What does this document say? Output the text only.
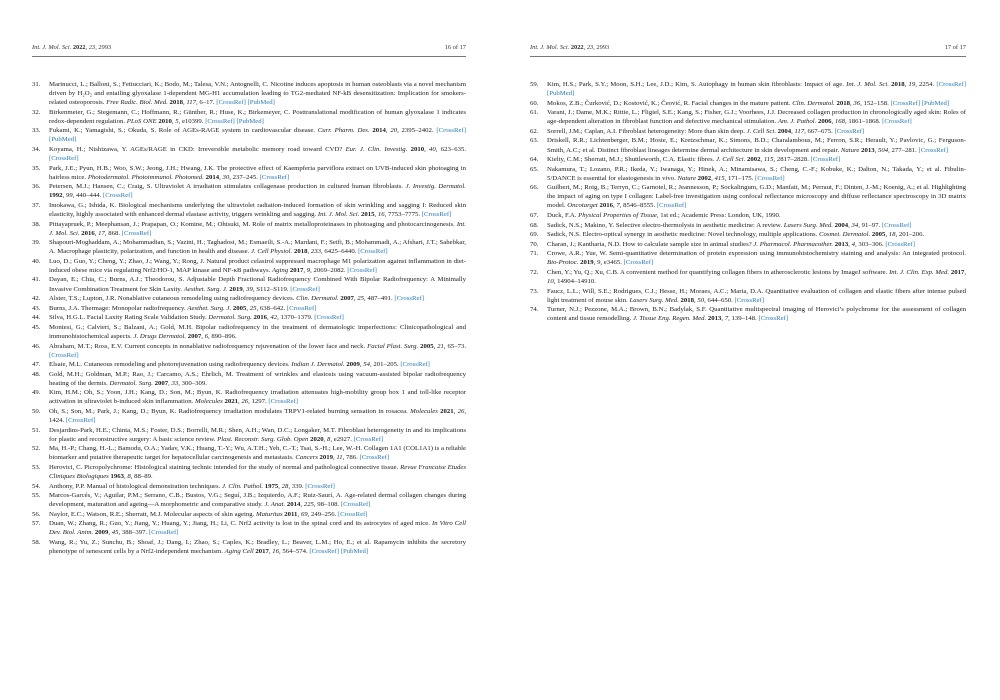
Int. J. Mol. Sci. 2022, 23, 2993	16 of 17
31. Marinucci, L.; Balloni, S.; Fettucciari, K.; Bodo, M.; Talesa, V.N.; Antognelli, C. Nicotine induces apoptosis in human osteoblasts via a novel mechanism driven by H₂O₂ and entailing glyoxalase 1-dependent MG-H1 accumulation leading to TG2-mediated NF-kB desensitization: Implication for smokers-related osteoporosis. Free Radic. Biol. Med. 2018, 117, 6–17. [CrossRef] [PubMed]
32. Birkenmeier, G.; Stegemann, C.; Hoffmann, R.; Günther, R.; Huse, K.; Birkemeyer, C. Posttranslational modification of human glyoxalase 1 indicates redox-dependent regulation. PLoS ONE 2010, 5, e10399. [CrossRef] [PubMed]
33. Fukami, K.; Yamagishi, S.; Okuda, S. Role of AGEs-RAGE system in cardiovascular disease. Curr. Pharm. Des. 2014, 20, 2395–2402. [CrossRef] [PubMed]
34. Koyama, H.; Nishizawa, Y. AGEs/RAGE in CKD: Irreversible metabolic memory road toward CVD? Eur. J. Clin. Investig. 2010, 40, 623–635. [CrossRef]
35. Park, J.E.; Pyun, H.B.; Woo, S.W.; Jeong, J.H.; Hwang, J.K. The protective effect of Kaempferia parviflora extract on UVB-induced skin photoaging in hairless mice. Photodermatol. Photoimmunol. Photomed. 2014, 30, 237–245. [CrossRef]
36. Petersen, M.J.; Hansen, C.; Craig, S. Ultraviolet A irradiation stimulates collagenase production in cultured human fibroblasts. J. Investig. Dermatol. 1992, 99, 440–444. [CrossRef]
37. Imokawa, G.; Ishida, K. Biological mechanisms underlying the ultraviolet radiation-induced formation of skin wrinkling and sagging I: Reduced skin elasticity, highly associated with enhanced dermal elastase activity, triggers wrinkling and sagging. Int. J. Mol. Sci. 2015, 16, 7753–7775. [CrossRef]
38. Pittayapruek, P.; Meephansan, J.; Prapapan, O.; Komine, M.; Ohtsuki, M. Role of matrix metalloproteinases in photoaging and photocarcinogenesis. Int. J. Mol. Sci. 2016, 17, 868. [CrossRef]
39. Shapouri-Moghaddam, A.; Mohammadian, S.; Vazini, H.; Taghadosi, M.; Esmaeili, S.-A.; Mardani, F.; Seifi, B.; Mohammadi, A.; Afshari, J.T.; Sahebkar, A. Macrophage plasticity, polarization, and function in health and disease. J. Cell Physiol. 2018, 233, 6425–6440. [CrossRef]
40. Luo, D.; Guo, Y.; Cheng, Y.; Zhao, J.; Wang, Y.; Rong, J. Natural product celastrol suppressed macrophage M1 polarization against inflammation in diet-induced obese mice via regulating Nrf2/HO-1, MAP kinase and NF-κB pathways. Aging 2017, 9, 2069–2082. [CrossRef]
41. Dayan, E.; Chia, C.; Burns, A.J.; Theodorou, S. Adjustable Depth Fractional Radiofrequency Combined With Bipolar Radiofrequency: A Minimally Invasive Combination Treatment for Skin Laxity. Aesthet. Surg. J. 2019, 39, S112–S119. [CrossRef]
42. Alster, T.S.; Lupton, J.R. Nonablative cutaneous remodeling using radiofrequency devices. Clin. Dermatol. 2007, 25, 487–491. [CrossRef]
43. Burns, J.A. Thermage: Monopolar radiofrequency. Aesthet. Surg. J. 2005, 25, 638–642. [CrossRef]
44. Silva, H.G.L. Facial Laxity Rating Scale Validation Study. Dermatol. Surg. 2016, 42, 1370–1379. [CrossRef]
45. Montesi, G.; Calvieri, S.; Balzani, A.; Gold, M.H. Bipolar radiofrequency in the treatment of dermatologic imperfections: Clinicopathological and immunohistochemical aspects. J. Drugs Dermatol. 2007, 6, 890–896.
46. Abraham, M.T.; Ross, E.V. Current concepts in nonablative radiofrequency rejuvenation of the lower face and neck. Facial Plast. Surg. 2005, 21, 65–73. [CrossRef]
47. Elsaie, M.L. Cutaneous remodeling and photorejuvenation using radiofrequency devices. Indian J. Dermatol. 2009, 54, 201–205. [CrossRef]
48. Gold, M.H.; Goldman, M.P.; Rao, J.; Carcamo, A.S.; Ehrlich, M. Treatment of wrinkles and elastosis using vacuum-assisted bipolar radiofrequency heating of the dermis. Dermatol. Surg. 2007, 33, 300–309.
49. Kim, H.M.; Oh, S.; Yoon, J.H.; Kang, D.; Son, M.; Byun, K. Radiofrequency irradiation attenuates high-mobility group box 1 and toll-like receptor activation in ultraviolet b-induced skin inflammation. Molecules 2021, 26, 1297. [CrossRef]
50. Oh, S.; Son, M.; Park, J.; Kang, D.; Byun, K. Radiofrequency irradiation modulates TRPV1-related burning sensation in rosacea. Molecules 2021, 26, 1424. [CrossRef]
51. Desjardins-Park, H.E.; Chinta, M.S.; Foster, D.S.; Borrelli, M.R.; Shen, A.H.; Wan, D.C.; Longaker, M.T. Fibroblast heterogeneity in and its implications for plastic and reconstructive surgery: A basic science review. Plast. Reconstr. Surg. Glob. Open 2020, 8, e2927. [CrossRef]
52. Ma, H.-P.; Chang, H.-L.; Bamodu, O.A.; Yadav, V.K.; Huang, T.-Y.; Wu, A.T.H.; Yeh, C.-T.; Tsai, S.-H.; Lee, W.-H. Collagen 1A1 (COL1A1) is a reliable biomarker and putative therapeutic target for hepatocellular carcinogenesis and metastasis. Cancers 2019, 11, 786. [CrossRef]
53. Herovici, C. Picropolychrome: Histological staining technic intended for the study of normal and pathological connective tissue. Revue Francaise Etudes Cliniques Biologiques 1963, 8, 88–89.
54. Anthony, P.P. Manual of histological demonstration techniques. J. Clin. Pathol. 1975, 28, 339. [CrossRef]
55. Marcos-Garcés, V.; Aguilar, P.M.; Serrano, C.B.; Bustos, V.G.; Seguí, J.B.; Izquierdo, A.F.; Ruiz-Saurí, A. Age-related dermal collagen changes during development, maturation and ageing—A morphometric and comparative study. J. Anat. 2014, 225, 98–108. [CrossRef]
56. Naylor, E.C.; Watson, R.E.; Sherratt, M.J. Molecular aspects of skin ageing. Maturitas 2011, 69, 249–256. [CrossRef]
57. Duan, W.; Zhang, R.; Guo, Y.; Jiang, Y.; Huang, Y.; Jiang, H.; Li, C. Nrf2 activity is lost in the spinal cord and its astrocytes of aged mice. In Vitro Cell Dev. Biol. Anim. 2009, 45, 388–397. [CrossRef]
58. Wang, R.; Yu, Z.; Sunchu, B.; Shoaf, J.; Dang, I.; Zhao, S.; Caples, K.; Bradley, L.; Beaver, L.M.; Ho, E.; et al. Rapamycin inhibits the secretory phenotype of senescent cells by a Nrf2-independent mechanism. Aging Cell 2017, 16, 564–574. [CrossRef] [PubMed]
Int. J. Mol. Sci. 2022, 23, 2993	17 of 17
59. Kim, H.S.; Park, S.Y.; Moon, S.H.; Lee, J.D.; Kim, S. Autophagy in human skin fibroblasts: Impact of age. Int. J. Mol. Sci. 2018, 19, 2254. [CrossRef] [PubMed]
60. Mokos, Z.B.; Čurković, D.; Kostović, K.; Čeović, R. Facial changes in the mature patient. Clin. Dermatol. 2018, 36, 152–158. [CrossRef] [PubMed]
61. Varani, J.; Dame, M.K.; Rittie, L.; Fligiel, S.E.; Kang, S.; Fisher, G.J.; Voorhees, J.J. Decreased collagen production in chronologically aged skin: Roles of age-dependent alteration in fibroblast function and defective mechanical stimulation. Am. J. Pathol. 2006, 168, 1861–1868. [CrossRef]
62. Sorrell, J.M.; Caplan, A.I. Fibroblast heterogeneity: More than skin deep. J. Cell Sci. 2004, 117, 667–675. [CrossRef]
63. Driskell, R.R.; Lichtenberger, B.M.; Hoste, E.; Kretzschmar, K.; Simons, B.D.; Charalambous, M.; Ferron, S.R.; Herault, Y.; Pavlovic, G.; Ferguson-Smith, A.C.; et al. Distinct fibroblast lineages determine dermal architecture in skin development and repair. Nature 2013, 504, 277–281. [CrossRef]
64. Kielty, C.M.; Sherratt, M.J.; Shuttleworth, C.A. Elastic fibres. J. Cell Sci. 2002, 115, 2817–2828. [CrossRef]
65. Nakamura, T.; Lozano, P.R.; Ikeda, Y.; Iwanaga, Y.; Hinek, A.; Minamisawa, S.; Cheng, C.-F.; Kobuke, K.; Dalton, N.; Takada, Y.; et al. Fibulin-5/DANCE is essential for elastogenesis in vivo. Nature 2002, 415, 171–175. [CrossRef]
66. Guilbert, M.; Roig, B.; Terryn, C.; Garnotel, R.; Jeannesson, P.; Sockalingum, G.D.; Manfait, M.; Perraut, F.; Dinten, J.-M.; Koenig, A.; et al. Highlighting the impact of aging on type I collagen: Label-free investigation using confocal reflectance microscopy and diffuse reflectance spectroscopy in 3D matrix model. Oncotarget 2016, 7, 8546–8555. [CrossRef]
67. Duck, F.A. Physical Properties of Tissue, 1st ed.; Academic Press: London, UK, 1990.
68. Sadick, N.S.; Makino, Y. Selective electro-thermolysis in aesthetic medicine: A review. Lasers Surg. Med. 2004, 34, 91–97. [CrossRef]
69. Sadick, N.S. Electro-optical synergy in aesthetic medicine: Novel technology, multiple applications. Cosmet. Dermatol. 2005, 18, 201–206.
70. Charan, J.; Kantharia, N.D. How to calculate sample size in animal studies? J. Pharmacol. Pharmacother. 2013, 4, 303–306. [CrossRef]
71. Crowe, A.R.; Yue, W. Semi-quantitative determination of protein expression using immunohistochemistry staining and analysis: An integrated protocol. Bio-Protoc. 2019, 9, e3465. [CrossRef]
72. Chen, Y.; Yu, Q.; Xu, C.B. A convenient method for quantifying collagen fibers in atherosclerotic lesions by ImageJ software. Int. J. Clin. Exp. Med. 2017, 10, 14904–14910.
73. Faucz, L.L.; Will, S.E.; Rodrigues, C.J.; Hesse, H.; Moraes, A.C.; Maria, D.A. Quantitative evaluation of collagen and elastic fibers after intense pulsed light treatment of mouse skin. Lasers Surg. Med. 2018, 50, 644–650. [CrossRef]
74. Turner, N.J.; Pezzone, M.A.; Brown, B.N.; Badylak, S.F. Quantitative multispectral imaging of Herovici’s polychrome for the assessment of collagen content and tissue remodelling. J. Tissue Eng. Regen. Med. 2013, 7, 139–148. [CrossRef]
